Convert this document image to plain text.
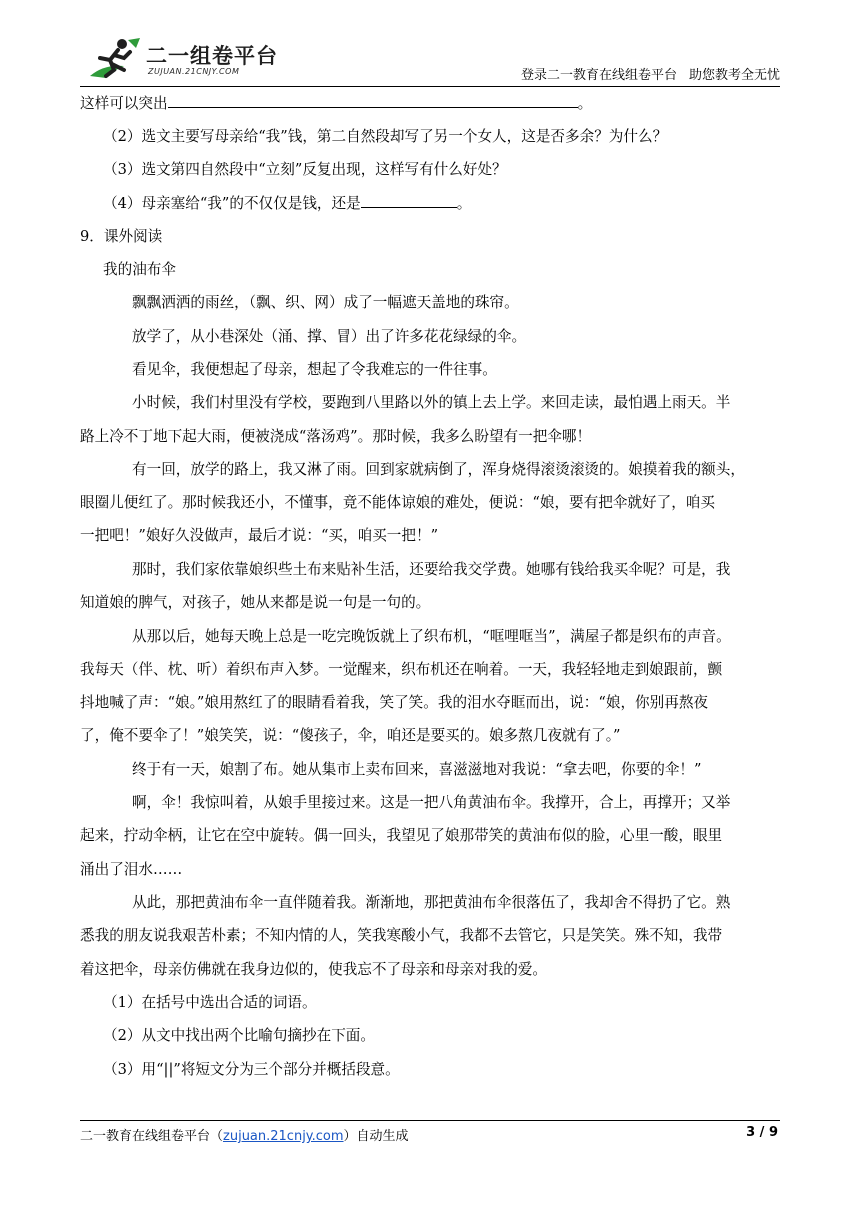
二一组卷平台
ZUJUAN.21CNJY.COM	登录二一教育在线组卷平台 助您教考全无忧
这样可以突出	。
（2）选文主要写母亲给“我”钱，第二自然段却写了另一个女人，这是否多余？为什么？
（3）选文第四自然段中“立刻”反复出现，这样写有什么好处？
（4）母亲塞给“我”的不仅仅是钱，还是	。
9．课外阅读
我的油布伞
飘飘洒洒的雨丝，（飘、织、网）成了一幅遮天盖地的珠帘。
放学了，从小巷深处（涌、撑、冒）出了许多花花绿绿的伞。
看见伞，我便想起了母亲，想起了令我难忘的一件往事。
小时候，我们村里没有学校，要跑到八里路以外的镇上去上学。来回走读，最怕遇上雨天。半
路上冷不丁地下起大雨，便被浇成“落汤鸡”。那时候，我多么盼望有一把伞哪！
有一回，放学的路上，我又淋了雨。回到家就病倒了，浑身烧得滚烫滚烫的。娘摸着我的额头，
眼圈儿便红了。那时候我还小，不懂事，竟不能体谅娘的难处，便说：“娘，要有把伞就好了，咱买
一把吧！”娘好久没做声，最后才说：“买，咱买一把！”
那时，我们家依靠娘织些土布来贴补生活，还要给我交学费。她哪有钱给我买伞呢？可是，我
知道娘的脾气，对孩子，她从来都是说一句是一句的。
从那以后，她每天晚上总是一吃完晚饭就上了织布机，“哐哩哐当”，满屋子都是织布的声音。
我每天（伴、枕、听）着织布声入梦。一觉醒来，织布机还在响着。一天，我轻轻地走到娘跟前，颤
抖地喊了声：“娘。”娘用熬红了的眼睛看着我，笑了笑。我的泪水夺眶而出，说：“娘，你别再熬夜
了，俺不要伞了！”娘笑笑，说：“傻孩子，伞，咱还是要买的。娘多熬几夜就有了。”
终于有一天，娘割了布。她从集市上卖布回来，喜滋滋地对我说：“拿去吧，你要的伞！”
啊，伞！我惊叫着，从娘手里接过来。这是一把八角黄油布伞。我撑开，合上，再撑开；又举
起来，拧动伞柄，让它在空中旋转。偶一回头，我望见了娘那带笑的黄油布似的脸，心里一酸，眼里
涌出了泪水……
从此，那把黄油布伞一直伴随着我。渐渐地，那把黄油布伞很落伍了，我却舍不得扔了它。熟
悉我的朋友说我艰苦朴素；不知内情的人，笑我寒酸小气，我都不去管它，只是笑笑。殊不知，我带
着这把伞，母亲仿佛就在我身边似的，使我忘不了母亲和母亲对我的爱。
（1）在括号中选出合适的词语。
（2）从文中找出两个比喻句摘抄在下面。
（3）用“||”将短文分为三个部分并概括段意。
二一教育在线组卷平台（zujuan.21cnjy.com）自动生成	3 / 9
